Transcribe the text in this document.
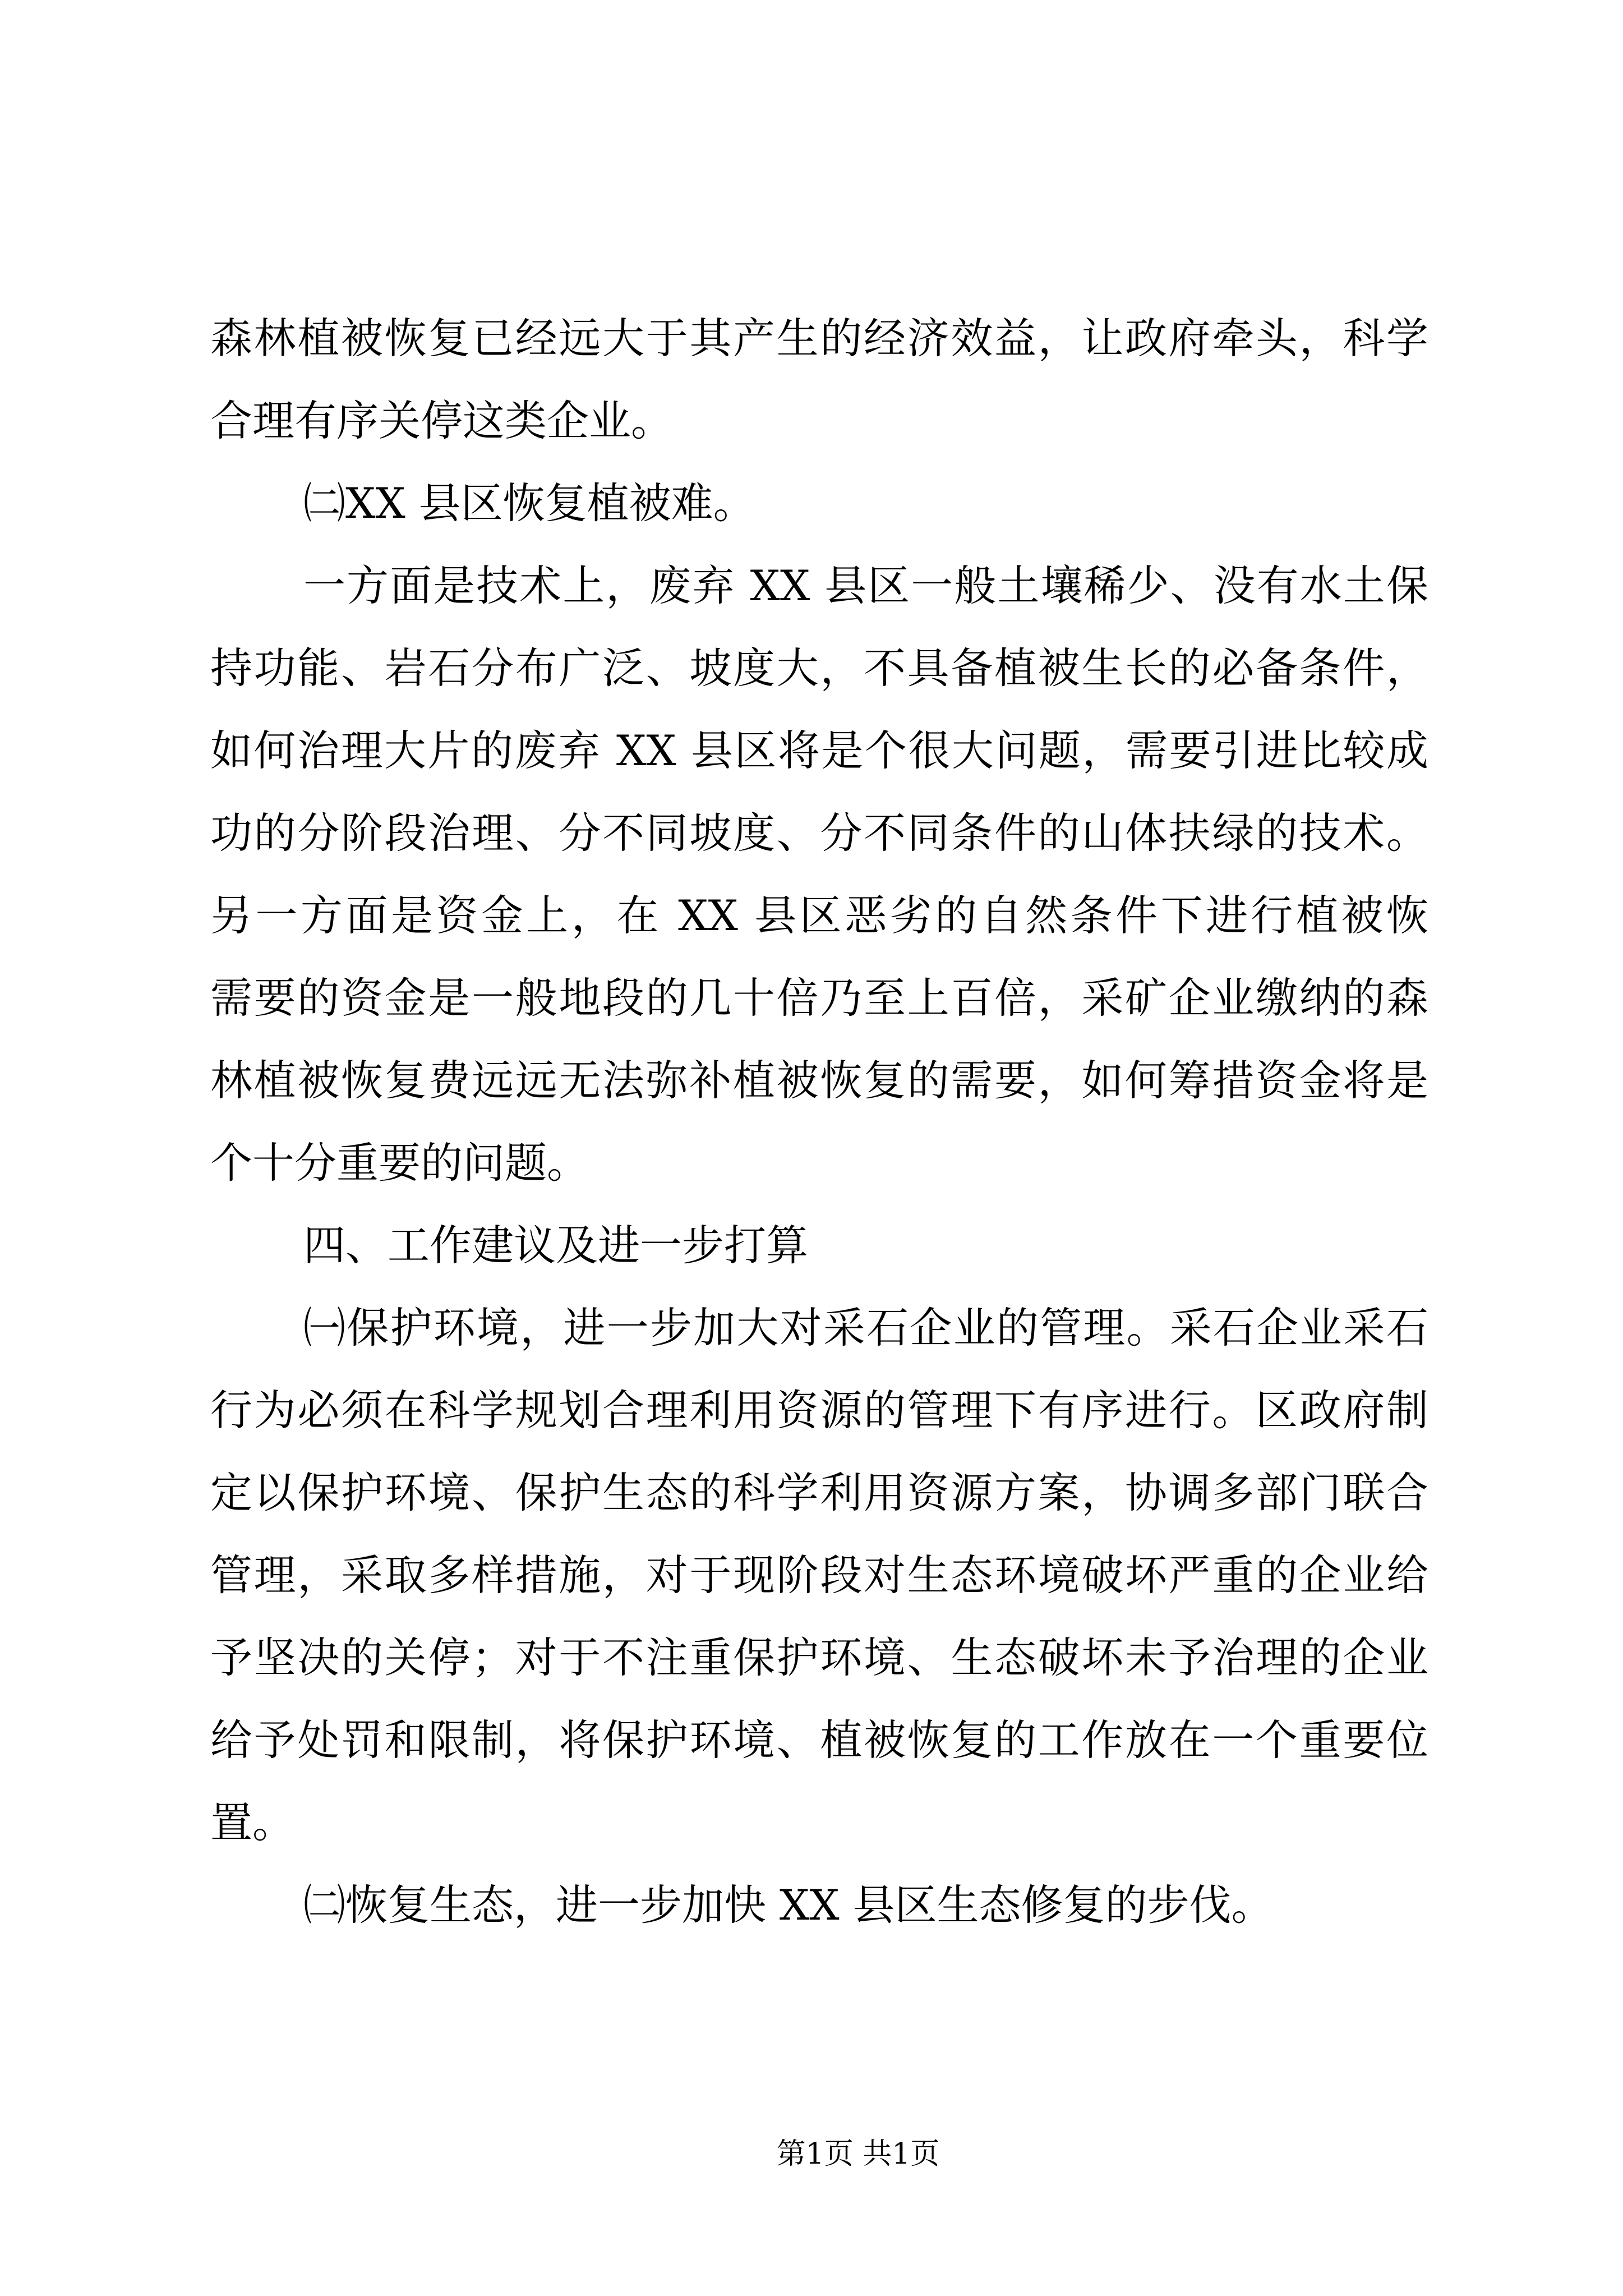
森林植被恢复已经远大于其产生的经济效益，让政府牵头，科学
合理有序关停这类企业。
㈡XX 县区恢复植被难。
一方面是技术上，废弃 XX 县区一般土壤稀少、没有水土保
持功能、岩石分布广泛、坡度大，不具备植被生长的必备条件，
如何治理大片的废弃 XX 县区将是个很大问题，需要引进比较成
功的分阶段治理、分不同坡度、分不同条件的山体扶绿的技术。
另一方面是资金上，在 XX 县区恶劣的自然条件下进行植被恢
需要的资金是一般地段的几十倍乃至上百倍，采矿企业缴纳的森
林植被恢复费远远无法弥补植被恢复的需要，如何筹措资金将是
个十分重要的问题。
四、工作建议及进一步打算
㈠保护环境，进一步加大对采石企业的管理。采石企业采石
行为必须在科学规划合理利用资源的管理下有序进行。区政府制
定以保护环境、保护生态的科学利用资源方案，协调多部门联合
管理，采取多样措施，对于现阶段对生态环境破坏严重的企业给
予坚决的关停；对于不注重保护环境、生态破坏未予治理的企业
给予处罚和限制，将保护环境、植被恢复的工作放在一个重要位
置。
㈡恢复生态，进一步加快 XX 县区生态修复的步伐。
第1页 共1页
